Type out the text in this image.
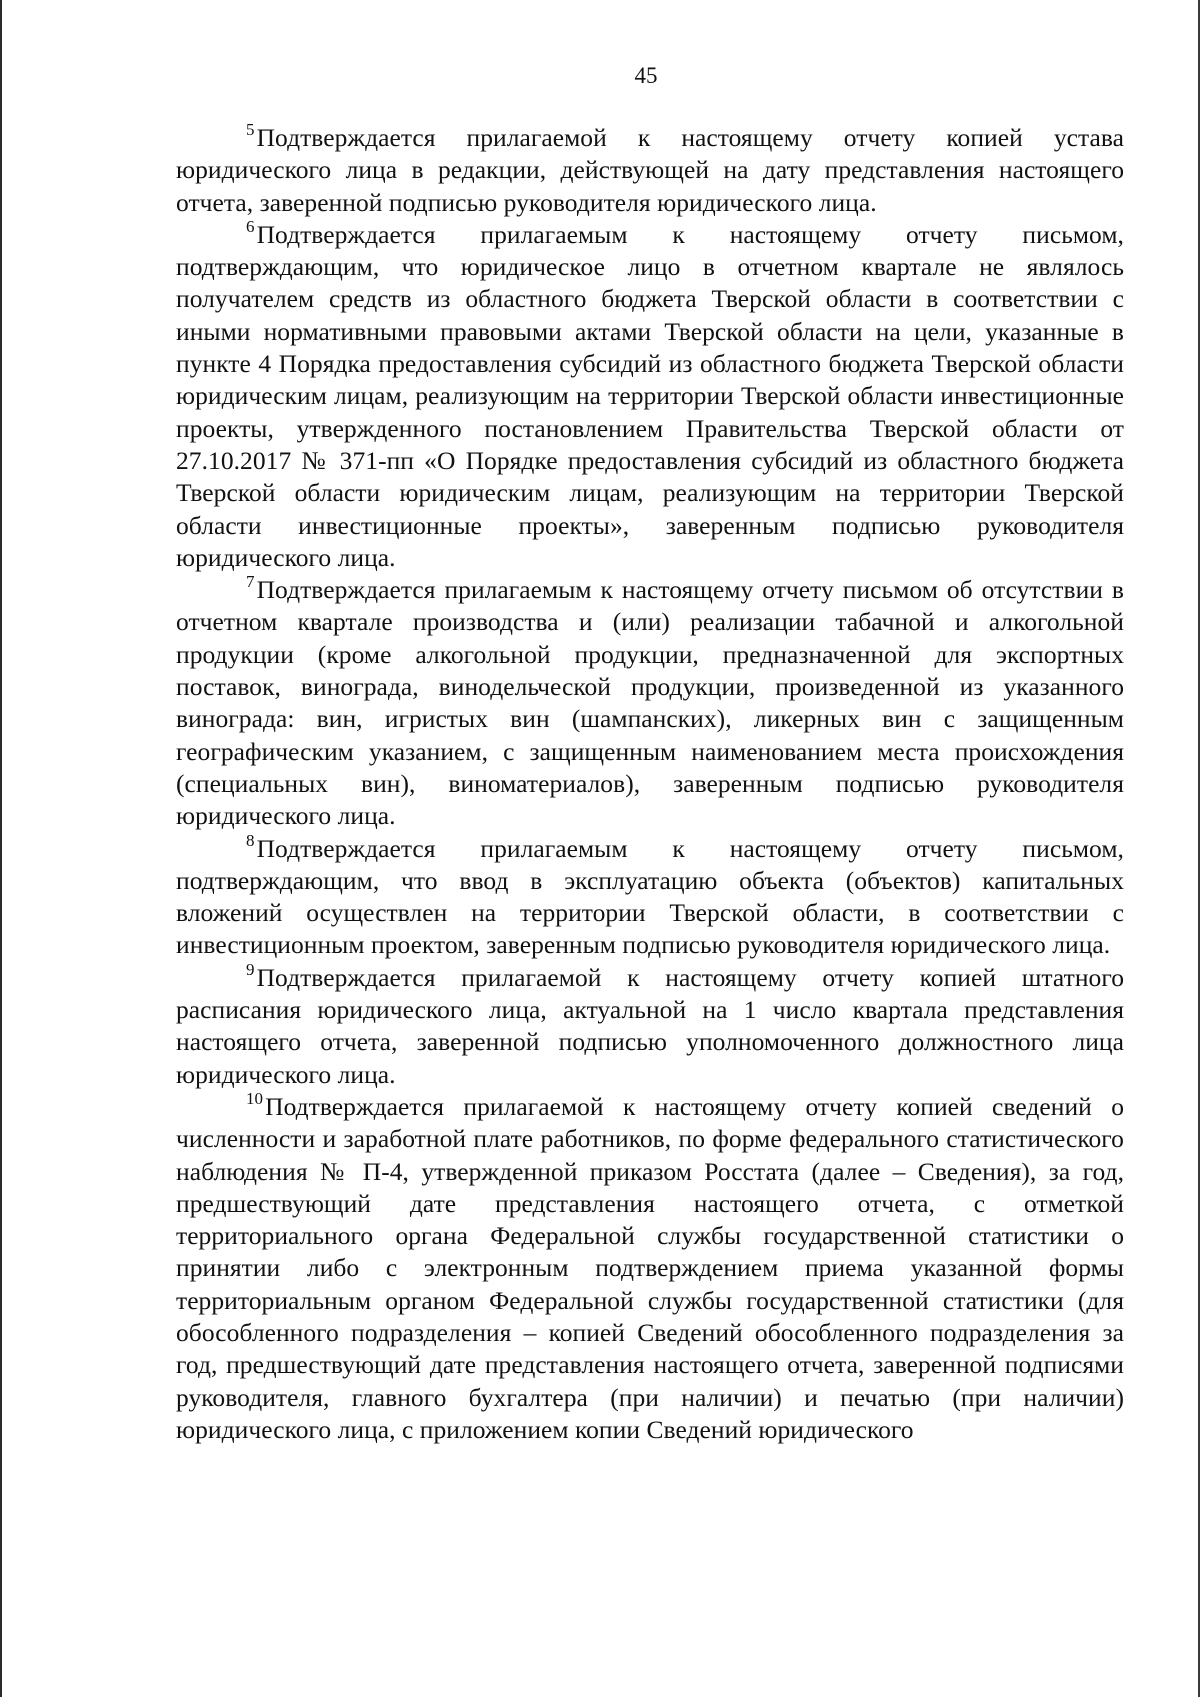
45

$^5$Подтверждается прилагаемой к настоящему отчету копией устава юридического лица в редакции, действующей на дату представления настоящего отчета, заверенной подписью руководителя юридического лица.

$^6$Подтверждается прилагаемым к настоящему отчету письмом, подтверждающим, что юридическое лицо в отчетном квартале не являлось получателем средств из областного бюджета Тверской области в соответствии с иными нормативными правовыми актами Тверской области на цели, указанные в пункте 4 Порядка предоставления субсидий из областного бюджета Тверской области юридическим лицам, реализующим на территории Тверской области инвестиционные проекты, утвержденного постановлением Правительства Тверской области от 27.10.2017 № 371-пп «О Порядке предоставления субсидий из областного бюджета Тверской области юридическим лицам, реализующим на территории Тверской области инвестиционные проекты», заверенным подписью руководителя юридического лица.

$^7$Подтверждается прилагаемым к настоящему отчету письмом об отсутствии в отчетном квартале производства и (или) реализации табачной и алкогольной продукции (кроме алкогольной продукции, предназначенной для экспортных поставок, винограда, винодельческой продукции, произведенной из указанного винограда: вин, игристых вин (шампанских), ликерных вин с защищенным географическим указанием, с защищенным наименованием места происхождения (специальных вин), виноматериалов), заверенным подписью руководителя юридического лица.

$^8$Подтверждается прилагаемым к настоящему отчету письмом, подтверждающим, что ввод в эксплуатацию объекта (объектов) капитальных вложений осуществлен на территории Тверской области, в соответствии с инвестиционным проектом, заверенным подписью руководителя юридического лица.

$^9$Подтверждается прилагаемой к настоящему отчету копией штатного расписания юридического лица, актуальной на 1 число квартала представления настоящего отчета, заверенной подписью уполномоченного должностного лица юридического лица.

$^{10}$Подтверждается прилагаемой к настоящему отчету копией сведений о численности и заработной плате работников, по форме федерального статистического наблюдения № П-4, утвержденной приказом Росстата (далее – Сведения), за год, предшествующий дате представления настоящего отчета, с отметкой территориального органа Федеральной службы государственной статистики о принятии либо с электронным подтверждением приема указанной формы территориальным органом Федеральной службы государственной статистики (для обособленного подразделения – копией Сведений обособленного подразделения за год, предшествующий дате представления настоящего отчета, заверенной подписями руководителя, главного бухгалтера (при наличии) и печатью (при наличии) юридического лица, с приложением копии Сведений юридического
